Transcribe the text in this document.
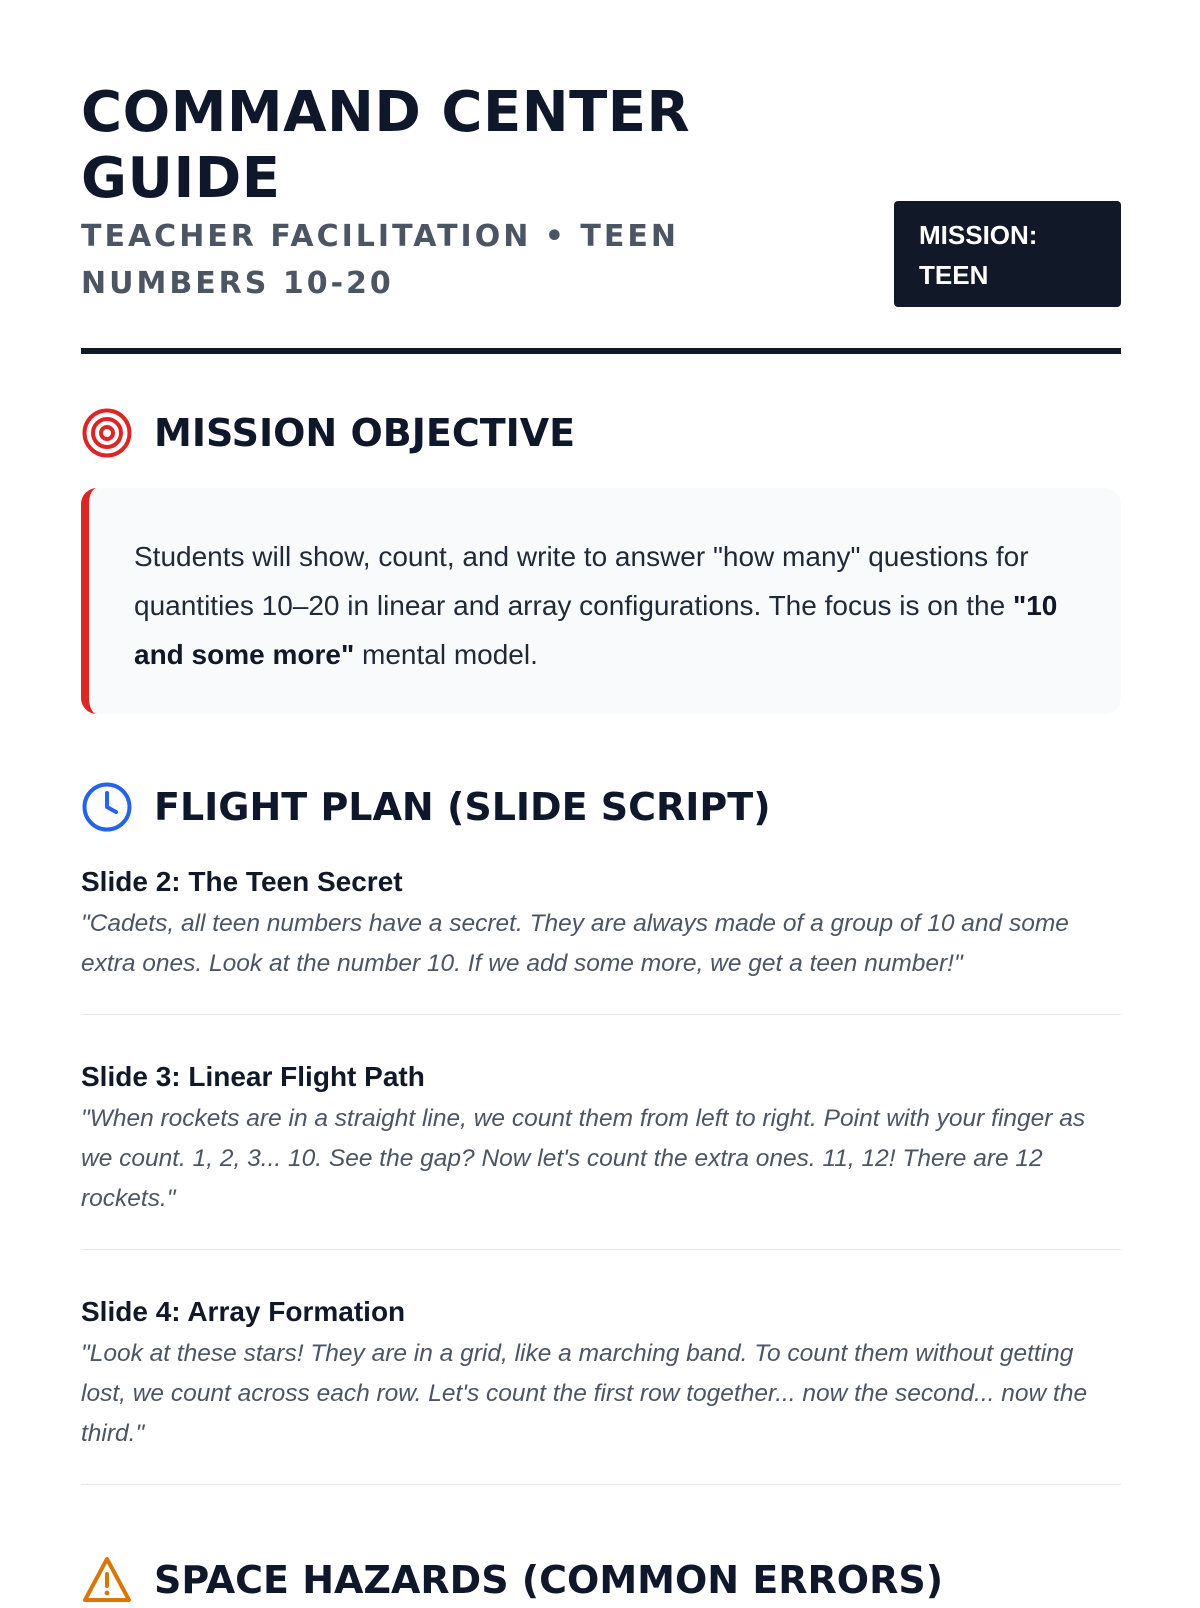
COMMAND CENTER GUIDE

TEACHER FACILITATION • TEEN NUMBERS 10-20

MISSION:
TEEN
MISSION OBJECTIVE
Students will show, count, and write to answer "how many" questions for quantities 10–20 in linear and array configurations. The focus is on the "10 and some more" mental model.
FLIGHT PLAN (SLIDE SCRIPT)
Slide 2: The Teen Secret

"Cadets, all teen numbers have a secret. They are always made of a group of 10 and some extra ones. Look at the number 10. If we add some more, we get a teen number!"

Slide 3: Linear Flight Path

"When rockets are in a straight line, we count them from left to right. Point with your finger as we count. 1, 2, 3... 10. See the gap? Now let's count the extra ones. 11, 12! There are 12 rockets."

Slide 4: Array Formation

"Look at these stars! They are in a grid, like a marching band. To count them without getting lost, we count across each row. Let's count the first row together... now the second... now the third."

SPACE HAZARDS (COMMON ERRORS)
